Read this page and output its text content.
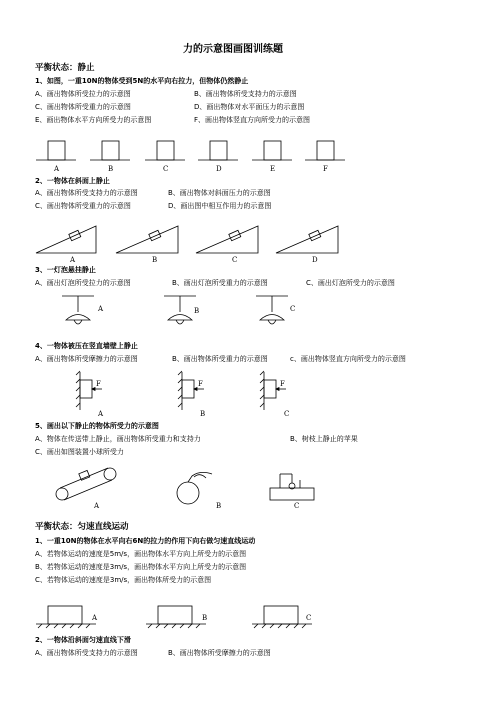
力的示意图画图训练题
平衡状态：静止
1、如图，一重10N的物体受到5N的水平向右拉力，但物体仍然静止
A、画出物体所受拉力的示意图	B、画出物体所受支持力的示意图
C、画出物体所受重力的示意图	D、画出物体对水平面压力的示意图
E、画出物体水平方向所受力的示意图	F、画出物体竖直方向所受力的示意图
2、一物体在斜面上静止
A、画出物体所受支持力的示意图	B、画出物体对斜面压力的示意图
C、画出物体所受重力的示意图	D、画出图中相互作用力的示意图
3、一灯泡悬挂静止
A、画出灯泡所受拉力的示意图	B、画出灯泡所受重力的示意图	C、画出灯泡所受力的示意图
4、一物体被压在竖直墙壁上静止
A、画出物体所受摩擦力的示意图	B、画出物体所受重力的示意图	c、画出物体竖直方向所受力的示意图
5、画出以下静止的物体所受力的示意图
A、物体在传送带上静止，画出物体所受重力和支持力	B、树枝上静止的苹果
C、画出如图装置小球所受力
平衡状态：匀速直线运动
1、一重10N的物体在水平向右6N的拉力的作用下向右做匀速直线运动
A、若物体运动的速度是5m/s，画出物体水平方向上所受力的示意图
B、若物体运动的速度是3m/s，画出物体水平方向上所受力的示意图
C、若物体运动的速度是3m/s，画出物体所受力的示意图
2、一物体沿斜面匀速直线下滑
A、画出物体所受支持力的示意图	B、画出物体所受摩擦力的示意图
A	B	C	D	E	F
A	B	C	D
A	B	C
F	F	F
A	B	C
A	B	C
A	B	C
